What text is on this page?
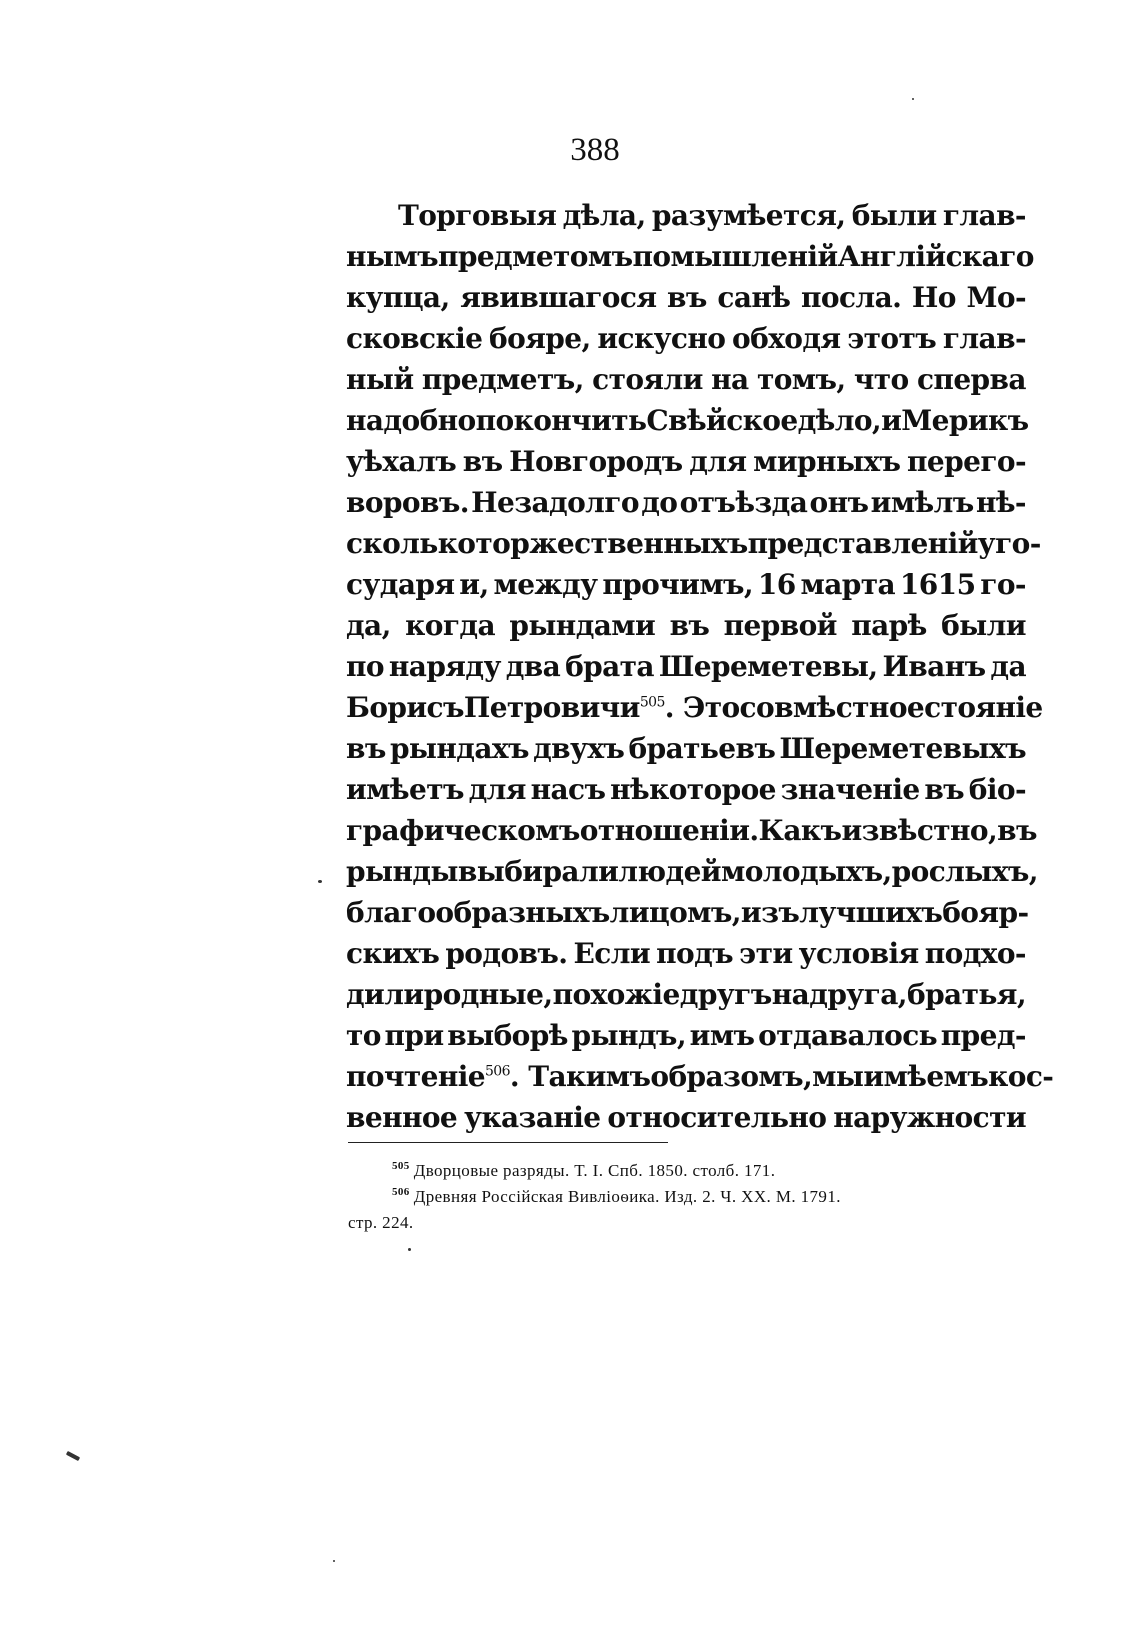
388
Торговыя дѣла, разумѣется, были глав-
нымъ предметомъ помышленій Англійскаго
купца, явившагося въ санѣ посла. Но Мо-
сковскіе бояре, искусно обходя этотъ глав-
ный предметъ, стояли на томъ, что сперва
надобно покончить Свѣйское дѣло, и Мерикъ
уѣхалъ въ Новгородъ для мирныхъ перего-
воровъ. Незадолго до отъѣзда онъ имѣлъ нѣ-
сколько торжественныхъ представленій у го-
сударя и, между прочимъ, 16 марта 1615 го-
да, когда рындами въ первой парѣ были
по наряду два брата Шереметевы, Иванъ да
Борисъ Петровичи$^{505}$. Это совмѣстное стояніе
въ рындахъ двухъ братьевъ Шереметевыхъ
имѣетъ для насъ нѣкоторое значеніе въ біо-
графическомъ отношеніи. Какъ извѣстно, въ
рынды выбирали людей молодыхъ, рослыхъ,
благообразныхъ лицомъ, изъ лучшихъ бояр-
скихъ родовъ. Если подъ эти условія подхо-
дили родные, похожіе другъ на друга, братья,
то при выборѣ рындъ, имъ отдавалось пред-
почтеніе$^{506}$. Такимъ образомъ, мы имѣемъ кос-
венное указаніе относительно наружности
$^{505}$ Дворцовые разряды. Т. I. Спб. 1850. столб. 171.
$^{506}$ Древняя Россійская Вивліоѳика. Изд. 2. Ч. XX. М. 1791.
стр. 224.
